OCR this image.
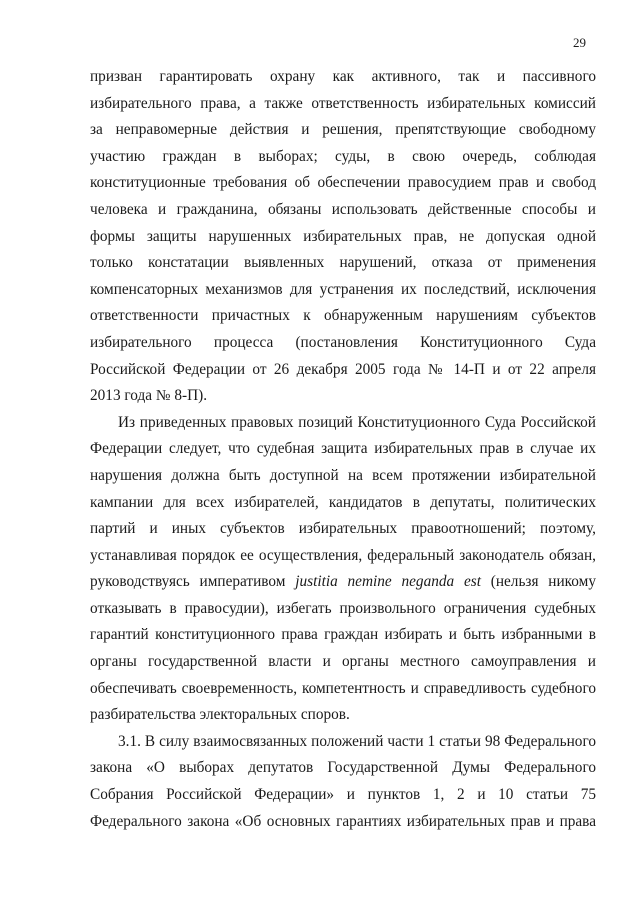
29
призван гарантировать охрану как активного, так и пассивного
избирательного права, а также ответственность избирательных комиссий
за неправомерные действия и решения, препятствующие свободному
участию граждан в выборах; суды, в свою очередь, соблюдая
конституционные требования об обеспечении правосудием прав и свобод
человека и гражданина, обязаны использовать действенные способы и
формы защиты нарушенных избирательных прав, не допуская одной
только констатации выявленных нарушений, отказа от применения
компенсаторных механизмов для устранения их последствий, исключения
ответственности причастных к обнаруженным нарушениям субъектов
избирательного процесса (постановления Конституционного Суда
Российской Федерации от 26 декабря 2005 года № 14-П и от 22 апреля
2013 года № 8-П).
Из приведенных правовых позиций Конституционного Суда Российской
Федерации следует, что судебная защита избирательных прав в случае их
нарушения должна быть доступной на всем протяжении избирательной
кампании для всех избирателей, кандидатов в депутаты, политических
партий и иных субъектов избирательных правоотношений; поэтому,
устанавливая порядок ее осуществления, федеральный законодатель обязан,
руководствуясь императивом justitia nemine neganda est (нельзя никому
отказывать в правосудии), избегать произвольного ограничения судебных
гарантий конституционного права граждан избирать и быть избранными в
органы государственной власти и органы местного самоуправления и
обеспечивать своевременность, компетентность и справедливость судебного
разбирательства электоральных споров.
3.1. В силу взаимосвязанных положений части 1 статьи 98 Федерального
закона «О выборах депутатов Государственной Думы Федерального
Собрания Российской Федерации» и пунктов 1, 2 и 10 статьи 75
Федерального закона «Об основных гарантиях избирательных прав и права
